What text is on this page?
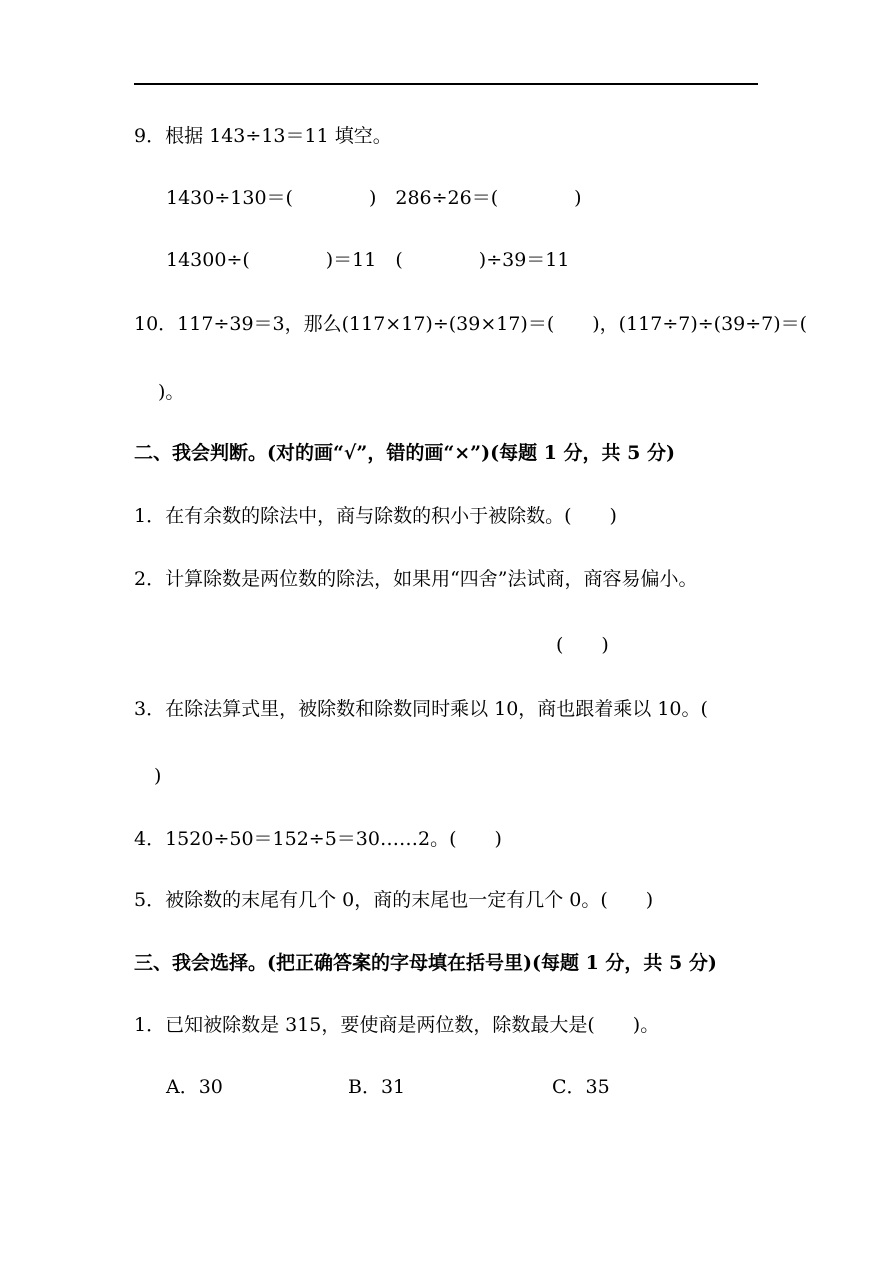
9．根据 143÷13＝11 填空。
1430÷130＝(　　　　)　286÷26＝(　　　　)
14300÷(　　　　)＝11　(　　　　)÷39＝11
10．117÷39＝3，那么(117×17)÷(39×17)＝(　　)，(117÷7)÷(39÷7)＝(
)。
二、我会判断。(对的画“√”，错的画“×”)(每题 1 分，共 5 分)
1．在有余数的除法中，商与除数的积小于被除数。(　　)
2．计算除数是两位数的除法，如果用“四舍”法试商，商容易偏小。
(　　)
3．在除法算式里，被除数和除数同时乘以 10，商也跟着乘以 10。(
)
4．1520÷50＝152÷5＝30……2。(　　)
5．被除数的末尾有几个 0，商的末尾也一定有几个 0。(　　)
三、我会选择。(把正确答案的字母填在括号里)(每题 1 分，共 5 分)
1．已知被除数是 315，要使商是两位数，除数最大是(　　)。
A．30	B．31	C．35
